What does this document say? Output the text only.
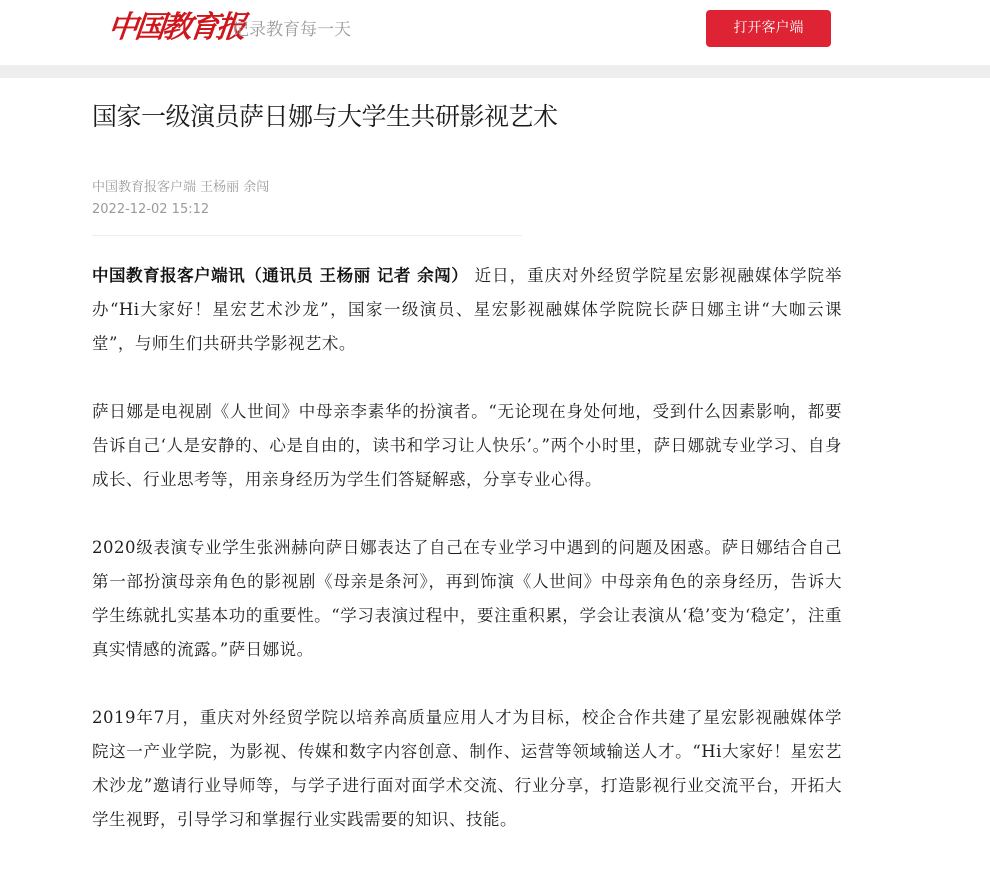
中国教育报
记录教育每一天	打开客户端
国家一级演员萨日娜与大学生共研影视艺术
中国教育报客户端 王杨丽 余闯
2022-12-02 15:12

中国教育报客户端讯（通讯员 王杨丽 记者 余闯） 近日，重庆对外经贸学院星宏影视融媒体学院举办“Hi大家好！星宏艺术沙龙”，国家一级演员、星宏影视融媒体学院院长萨日娜主讲“大咖云课堂”，与师生们共研共学影视艺术。

萨日娜是电视剧《人世间》中母亲李素华的扮演者。“无论现在身处何地，受到什么因素影响，都要告诉自己‘人是安静的、心是自由的，读书和学习让人快乐’。”两个小时里，萨日娜就专业学习、自身成长、行业思考等，用亲身经历为学生们答疑解惑，分享专业心得。

2020级表演专业学生张洲赫向萨日娜表达了自己在专业学习中遇到的问题及困惑。萨日娜结合自己第一部扮演母亲角色的影视剧《母亲是条河》，再到饰演《人世间》中母亲角色的亲身经历，告诉大学生练就扎实基本功的重要性。“学习表演过程中，要注重积累，学会让表演从‘稳’变为‘稳定’，注重真实情感的流露。”萨日娜说。

2019年7月，重庆对外经贸学院以培养高质量应用人才为目标，校企合作共建了星宏影视融媒体学院这一产业学院，为影视、传媒和数字内容创意、制作、运营等领域输送人才。“Hi大家好！星宏艺术沙龙”邀请行业导师等，与学子进行面对面学术交流、行业分享，打造影视行业交流平台，开拓大学生视野，引导学习和掌握行业实践需要的知识、技能。
